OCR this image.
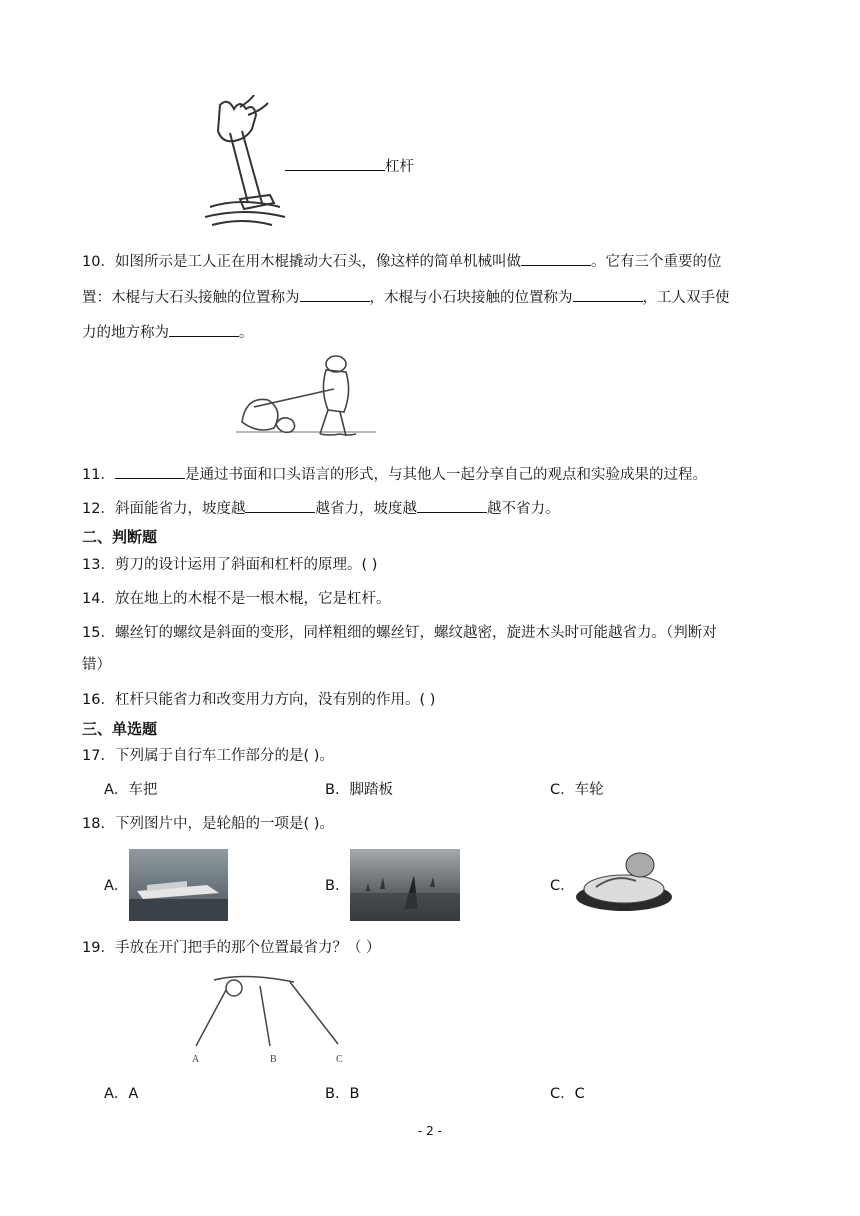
杠杆
10．如图所示是工人正在用木棍撬动大石头，像这样的简单机械叫做	。它有三个重要的位
置：木棍与大石头接触的位置称为	，木棍与小石块接触的位置称为	，工人双手使
力的地方称为	。
11．	是通过书面和口头语言的形式，与其他人一起分享自己的观点和实验成果的过程。
12．斜面能省力，坡度越	越省力，坡度越	越不省力。
二、判断题
13．剪刀的设计运用了斜面和杠杆的原理。( )
14．放在地上的木棍不是一根木棍，它是杠杆。
15．螺丝钉的螺纹是斜面的变形，同样粗细的螺丝钉，螺纹越密，旋进木头时可能越省力。（判断对
错）
16．杠杆只能省力和改变用力方向，没有别的作用。( )
三、单选题
17．下列属于自行车工作部分的是( )。
A．车把	B．脚踏板	C．车轮
18．下列图片中，是轮船的一项是( )。
A．	B．	C．
19．手放在开门把手的那个位置最省力？（ ）
A	B	C
A．A	B．B	C．C
- 2 -
